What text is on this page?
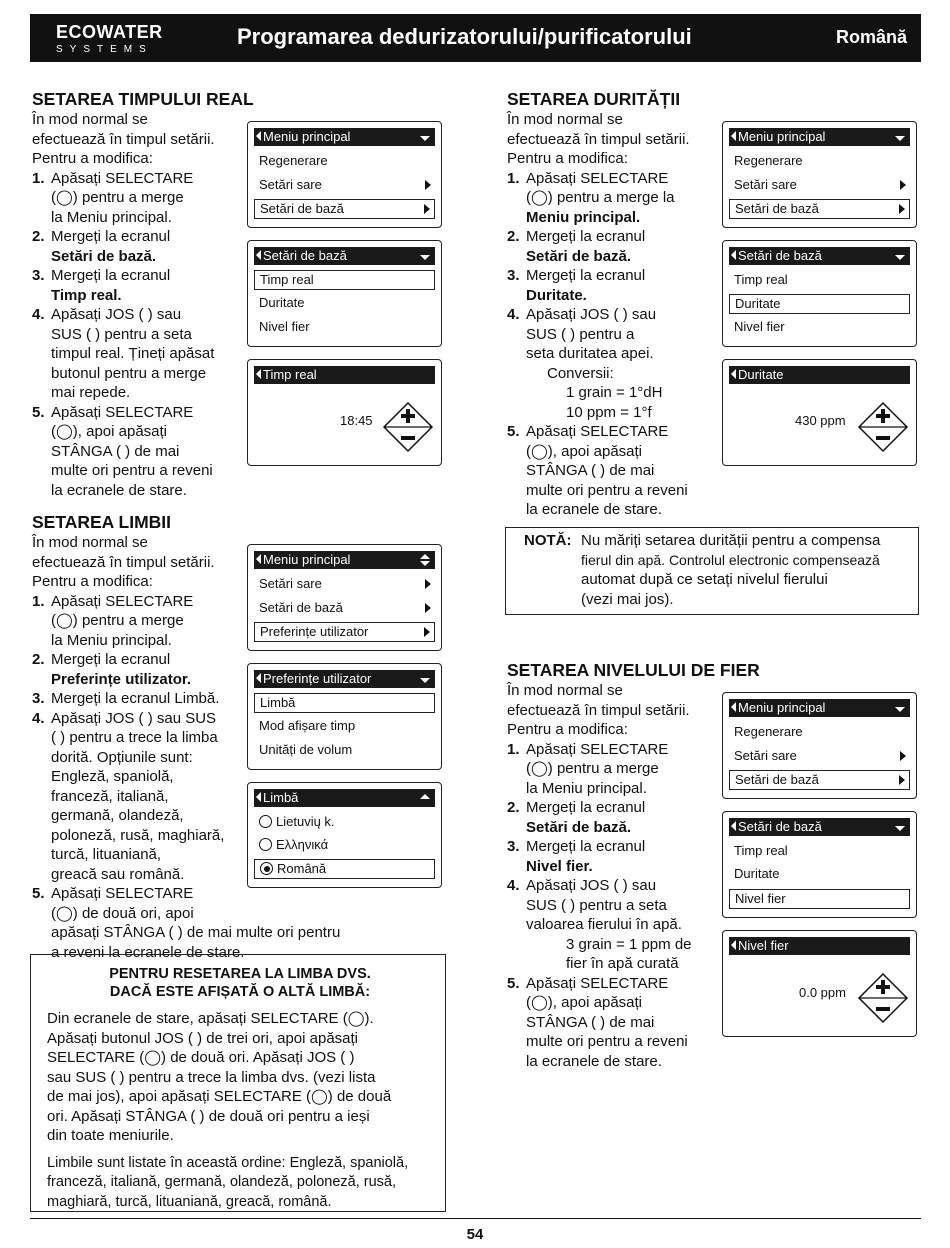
ECOWATER
SYSTEMS
Programarea dedurizatorului/purificatorului	Română
SETAREA TIMPULUI REAL

În mod normal se

efectuează în timpul setării.

Pentru a modifica:

1. Apăsați SELECTARE

(◯) pentru a merge

la Meniu principal.

2. Mergeți la ecranul

Setări de bază.

3. Mergeți la ecranul

Timp real.

4. Apăsați JOS ( ) sau

SUS ( ) pentru a seta

timpul real. Țineți apăsat

butonul pentru a merge

mai repede.

5. Apăsați SELECTARE

(◯), apoi apăsați

STÂNGA ( ) de mai

multe ori pentru a reveni

la ecranele de stare.

Meniu principal
Regenerare
Setări sare
Setări de bază
Setări de bază
Timp real
Duritate
Nivel fier
Timp real
18:45
SETAREA DURITĂȚII

În mod normal se

efectuează în timpul setării.

Pentru a modifica:

1. Apăsați SELECTARE

(◯) pentru a merge la

Meniu principal.

2. Mergeți la ecranul

Setări de bază.

3. Mergeți la ecranul

Duritate.

4. Apăsați JOS ( ) sau

SUS ( ) pentru a

seta duritatea apei.

Conversii:

1 grain = 1°dH

10 ppm = 1°f

5. Apăsați SELECTARE

(◯), apoi apăsați

STÂNGA ( ) de mai

multe ori pentru a reveni

la ecranele de stare.

Meniu principal
Regenerare
Setări sare
Setări de bază
Setări de bază
Timp real
Duritate
Nivel fier
Duritate
430 ppm
NOTĂ: Nu măriți setarea durității pentru a compensa
fierul din apă. Controlul electronic compensează
automat după ce setați nivelul fierului
(vezi mai jos).
SETAREA LIMBII

În mod normal se

efectuează în timpul setării.

Pentru a modifica:

1. Apăsați SELECTARE

(◯) pentru a merge

la Meniu principal.

2. Mergeți la ecranul

Preferințe utilizator.

3. Mergeți la ecranul Limbă.

4. Apăsați JOS ( ) sau SUS

( ) pentru a trece la limba

dorită. Opțiunile sunt:

Engleză, spaniolă,

franceză, italiană,

germană, olandeză,

poloneză, rusă, maghiară,

turcă, lituaniană,

greacă sau română.

5. Apăsați SELECTARE

(◯) de două ori, apoi

apăsați STÂNGA ( ) de mai multe ori pentru

a reveni la ecranele de stare.

Meniu principal
Setări sare
Setări de bază
Preferințe utilizator
Preferințe utilizator
Limbă
Mod afișare timp
Unități de volum
Limbă
Lietuvių k.
Ελληνικά
Română
PENTRU RESETAREA LA LIMBA DVS.
DACĂ ESTE AFIȘATĂ O ALTĂ LIMBĂ:

Din ecranele de stare, apăsați SELECTARE (◯).

Apăsați butonul JOS ( ) de trei ori, apoi apăsați

SELECTARE (◯) de două ori. Apăsați JOS ( )

sau SUS ( ) pentru a trece la limba dvs. (vezi lista

de mai jos), apoi apăsați SELECTARE (◯) de două

ori. Apăsați STÂNGA ( ) de două ori pentru a ieși

din toate meniurile.

Limbile sunt listate în această ordine: Engleză, spaniolă,

franceză, italiană, germană, olandeză, poloneză, rusă,

maghiară, turcă, lituaniană, greacă, română.

SETAREA NIVELULUI DE FIER

În mod normal se

efectuează în timpul setării.

Pentru a modifica:

1. Apăsați SELECTARE

(◯) pentru a merge

la Meniu principal.

2. Mergeți la ecranul

Setări de bază.

3. Mergeți la ecranul

Nivel fier.

4. Apăsați JOS ( ) sau

SUS ( ) pentru a seta

valoarea fierului în apă.

3 grain = 1 ppm de

fier în apă curată

5. Apăsați SELECTARE

(◯), apoi apăsați

STÂNGA ( ) de mai

multe ori pentru a reveni

la ecranele de stare.

Meniu principal
Regenerare
Setări sare
Setări de bază
Setări de bază
Timp real
Duritate
Nivel fier
Nivel fier
0.0 ppm
54
